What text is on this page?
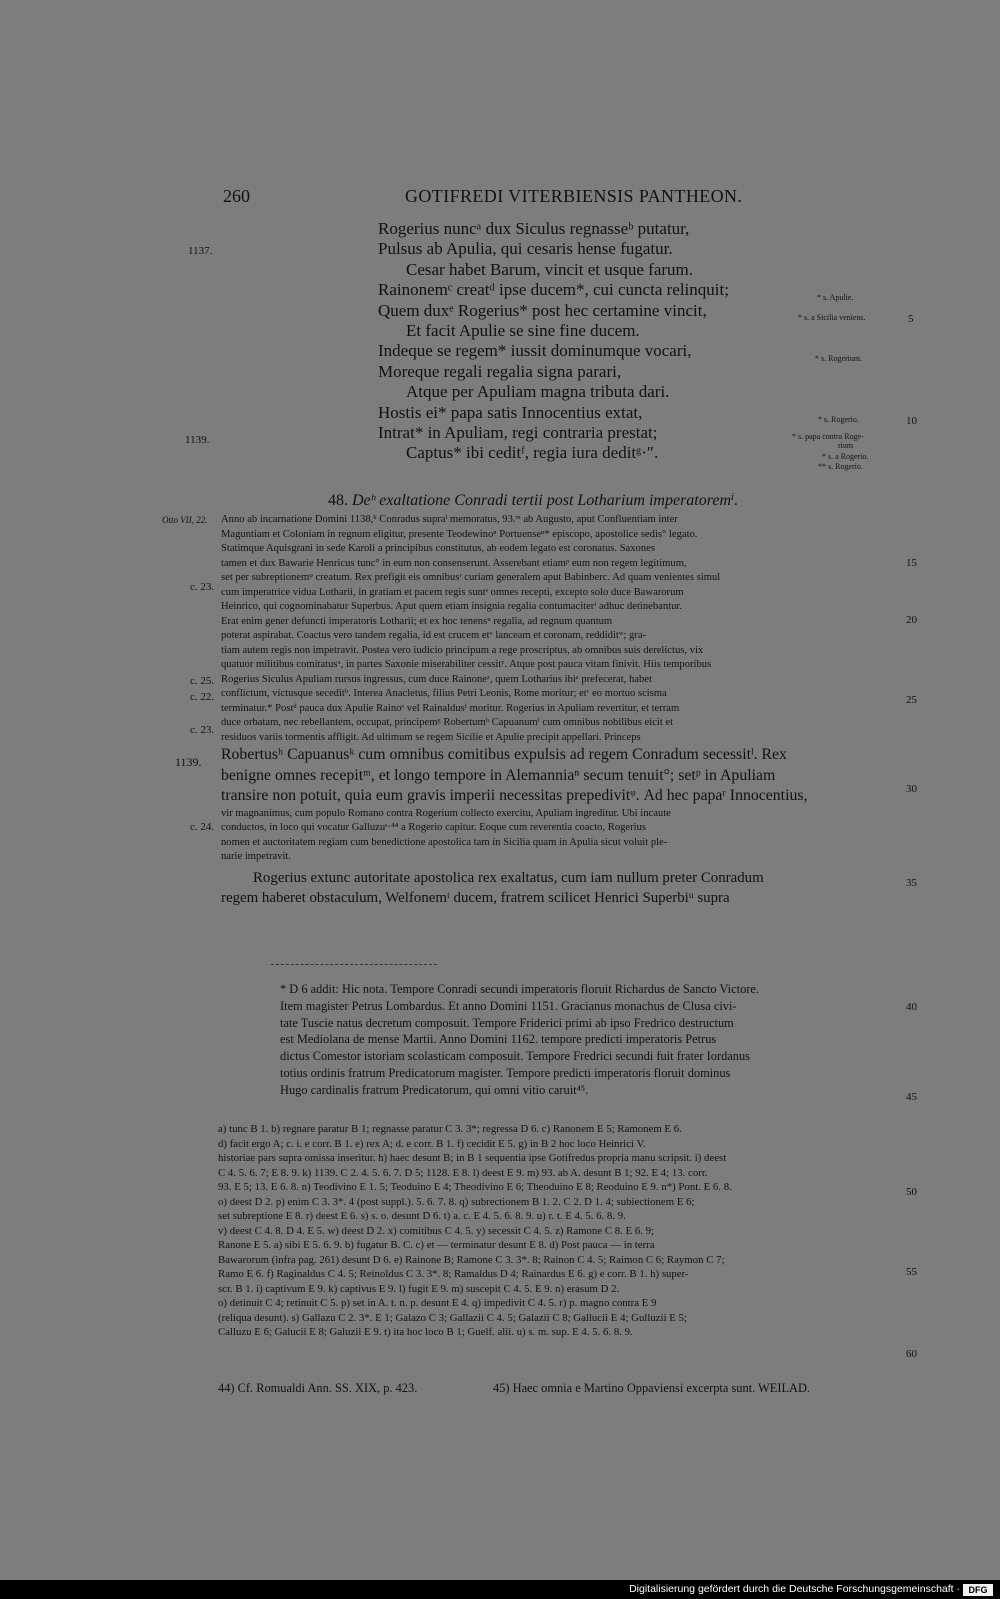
260	GOTIFREDI VITERBIENSIS PANTHEON.
Rogerius nuncᵃ dux Siculus regnasseᵇ putatur,
Pulsus ab Apulia, qui cesaris hense fugatur.
Cesar habet Barum, vincit et usque farum.
Rainonemᶜ creatᵈ ipse ducem*, cui cuncta relinquit;
Quem duxᵉ Rogerius* post hec certamine vincit,
Et facit Apulie se sine fine ducem.
Indeque se regem* iussit dominumque vocari,
Moreque regali regalia signa parari,
Atque per Apuliam magna tributa dari.
Hostis ei* papa satis Innocentius extat,
Intrat* in Apuliam, regi contraria prestat;
Captus* ibi ceditᶠ, regia iura deditᵍ·″.
* s. Apulie.
* s. a Sicilia veniens.
* s. Rogerium.
* s. Rogerio.
* s. papa contra Roge-
rium
* s. a Rogerio.
** s. Rogerio.
1137.
1139.
1139.
Otto VII, 22.
c. 23.
c. 25.
c. 22.
c. 23.
c. 24.
5
10
15
20
25
30
35
40
45
50
55
60
48. Deʰ exaltatione Conradi tertii post Lotharium imperatoremⁱ.
Anno ab incarnatione Domini 1138,ᵏ Conradus supraˡ memoratus, 93.ᵐ ab Augusto, aput Confluentiam inter
Maguntiam et Coloniam in regnum eligitur, presente Teodewinoⁿ Portuenseⁿ* episcopo, apostolice sedis° legato.
Statimque Aquisgrani in sede Karoli a principibus constitutus, ab eodem legato est coronatus. Saxones
tamen et dux Bawarie Henricus tunc° in eum non consenserunt. Asserebant etiamᵖ eum non regem legitimum,
set per subreptionemᵠ creatum. Rex prefigit eis omnibusʳ curiam generalem aput Babinberc. Ad quam venientes simul
cum imperatrice vidua Lotharii, in gratiam et pacem regis suntˢ omnes recepti, excepto solo duce Bawarorum
Heinrico, qui cognominabatur Superbus. Aput quem etiam insignia regalia contumaciterᵗ adhuc detinebantur.
Erat enim gener defuncti imperatoris Lotharii; et ex hoc tenensᵘ regalia, ad regnum quantum
poterat aspirabat. Coactus vero tandem regalia, id est crucem etᵛ lanceam et coronam, reddiditʷ; gra-
tiam autem regis non impetravit. Postea vero iudicio principum a rege proscriptus, ab omnibus suis derelictus, vix
quatuor militibus comitatusˣ, in partes Saxonie miserabiliter cessitʸ. Atque post pauca vitam finivit. Hiis temporibus
Rogerius Siculus Apuliam rursus ingressus, cum duce Rainoneᶻ, quem Lotharius ibiᵃ prefecerat, habet
conflictum, victusque seceditᵇ. Interea Anacletus, filius Petri Leonis, Rome moritur; etᶜ eo mortuo scisma
terminatur.* Postᵈ pauca dux Apulie Rainoᵉ vel Rainaldusᶠ moritur. Rogerius in Apuliam revertitur, et terram
duce orbatam, nec rebellantem, occupat, principemᵍ Robertumʰ Capuanumⁱ cum omnibus nobilibus eicit et
residuos variis tormentis affligit. Ad ultimum se regem Sicilie et Apulie precipit appellari. Princeps
Robertusʰ Capuanusᵏ cum omnibus comitibus expulsis ad regem Conradum secessitˡ. Rex
benigne omnes recepitᵐ, et longo tempore in Alemanniaⁿ secum tenuit°; setᵖ in Apuliam
transire non potuit, quia eum gravis imperii necessitas prepedivitᵠ. Ad hec papaʳ Innocentius,
vir magnanimus, cum populo Romano contra Rogerium collecto exercitu, Apuliam ingreditur. Ubi incaute
conductos, in loco qui vocatur Galluzuˢ·⁴⁴ a Rogerio capitur. Eoque cum reverentia coacto, Rogerius
nomen et auctoritatem regiam cum benedictione apostolica tam in Sicilia quam in Apulia sicut voluit ple-
narie impetravit.
Rogerius extunc autoritate apostolica rex exaltatus, cum iam nullum preter Conradum
regem haberet obstaculum, Welfonemᵗ ducem, fratrem scilicet Henrici Superbiᵘ supra
* D 6 addit: Hic nota. Tempore Conradi secundi imperatoris floruit Richardus de Sancto Victore.
Item magister Petrus Lombardus. Et anno Domini 1151. Gracianus monachus de Clusa civi-
tate Tuscie natus decretum composuit. Tempore Friderici primi ab ipso Fredrico destructum
est Mediolana de mense Martii. Anno Domini 1162. tempore predicti imperatoris Petrus
dictus Comestor istoriam scolasticam composuit. Tempore Fredrici secundi fuit frater Iordanus
totius ordinis fratrum Predicatorum magister. Tempore predicti imperatoris floruit dominus
Hugo cardinalis fratrum Predicatorum, qui omni vitio caruit⁴⁵.
a) tunc B 1. b) regnare paratur B 1; regnasse paratur C 3. 3*; regressa D 6. c) Ranonem E 5; Ramonem E 6.
d) facit ergo A; c. i. e corr. B 1. e) rex A; d. e corr. B 1. f) cecidit E 5. g) in B 2 hoc loco Heinrici V.
historiae pars supra omissa inseritur. h) haec desunt B; in B 1 sequentia ipse Gotifredus propria manu scripsit. i) deest
C 4. 5. 6. 7; E 8. 9. k) 1139. C 2. 4. 5. 6. 7. D 5; 1128. E 8. l) deest E 9. m) 93. ab A. desunt B 1; 92. E 4; 13. corr.
93. E 5; 13. E 6. 8. n) Teodivino E 1. 5; Teoduino E 4; Theodivino E 6; Theoduino E 8; Reoduino E 9. n*) Pont. E 6. 8.
o) deest D 2. p) enim C 3. 3*. 4 (post suppl.). 5. 6. 7. 8. q) subrectionem B 1. 2. C 2. D 1. 4; subiectionem E 6;
set subreptione E 8. r) deest E 6. s) s. o. desunt D 6. t) a. c. E 4. 5. 6. 8. 9. u) r. t. E 4. 5. 6. 8. 9.
v) deest C 4. 8. D 4. E 5. w) deest D 2. x) comitibus C 4. 5. y) secessit C 4. 5. z) Ramone C 8. E 6. 9;
Ranone E 5. a) sibi E 5. 6. 9. b) fugatur B. C. c) et — terminatur desunt E 8. d) Post pauca — in terra
Bawarorum (infra pag. 261) desunt D 6. e) Rainone B; Ramone C 3. 3*. 8; Rainon C 4. 5; Raimon C 6; Raymon C 7;
Ramo E 6. f) Raginaldus C 4. 5; Reinoldus C 3. 3*. 8; Ramaldus D 4; Rainardus E 6. g) e corr. B 1. h) super-
scr. B 1. i) captivum E 9. k) captivus E 9. l) fugit E 9. m) suscepit C 4. 5. E 9. n) erasum D 2.
o) detinuit C 4; retinuit C 5. p) set in A. t. n. p. desunt E 4. q) impedivit C 4. 5. r) p. magno contra E 9
(reliqua desunt). s) Gallazu C 2. 3*. E 1; Galazo C 3; Gallazii C 4. 5; Galazii C 8; Gallucii E 4; Gulluzii E 5;
Calluzu E 6; Galucii E 8; Galuzii E 9. t) ita hoc loco B 1; Guelf. alii. u) s. m. sup. E 4. 5. 6. 8. 9.
44) Cf. Romualdi Ann. SS. XIX, p. 423.	45) Haec omnia e Martino Oppaviensi excerpta sunt. WEILAD.
Digitalisierung gefördert durch die Deutsche Forschungsgemeinschaft · DFG
